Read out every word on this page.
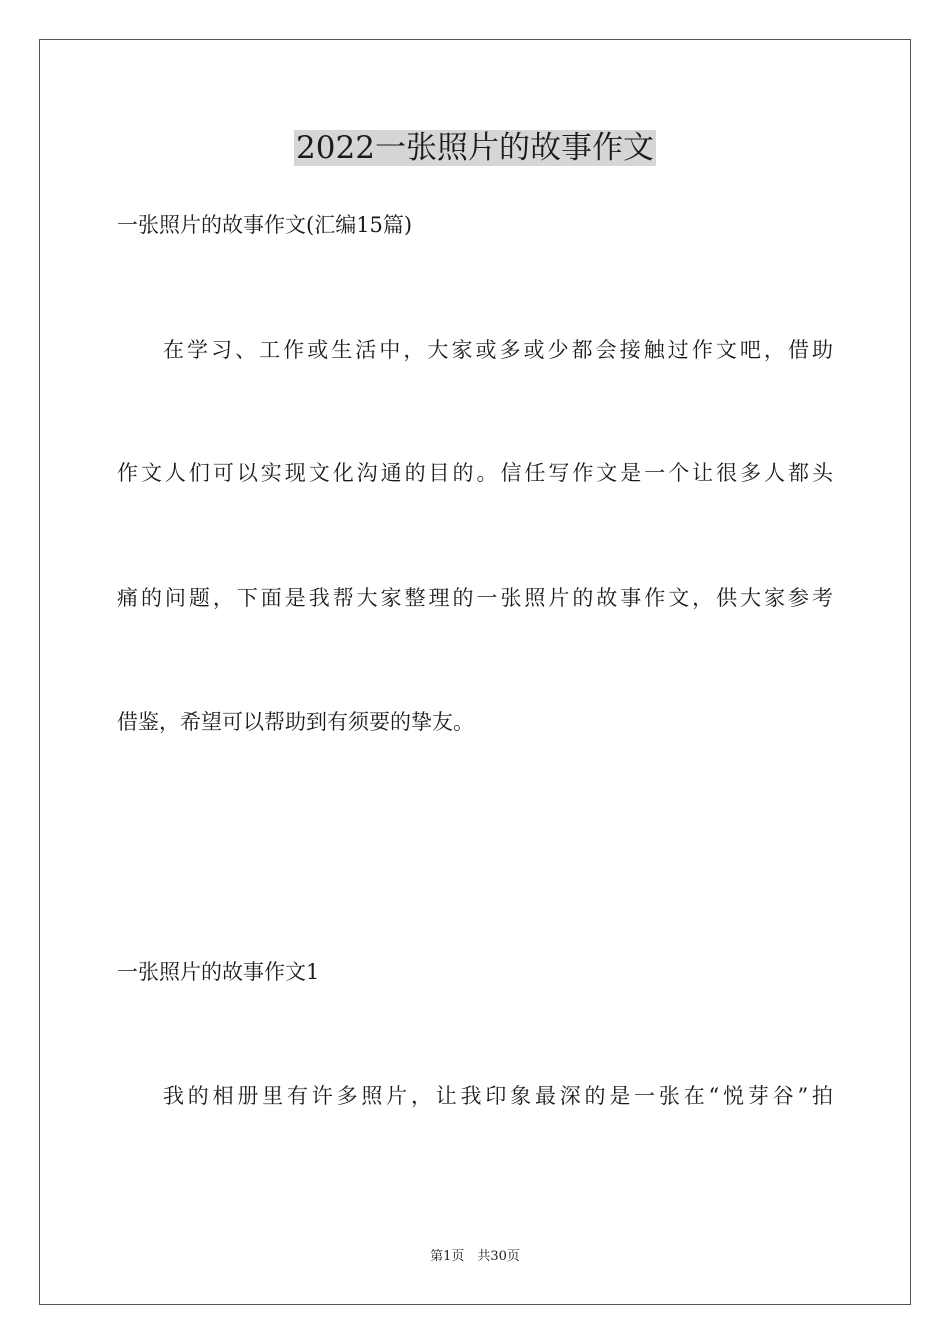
2022一张照片的故事作文
一张照片的故事作文(汇编15篇)
在学习、工作或生活中，大家或多或少都会接触过作文吧，借助
作文人们可以实现文化沟通的目的。信任写作文是一个让很多人都头
痛的问题，下面是我帮大家整理的一张照片的故事作文，供大家参考
借鉴，希望可以帮助到有须要的挚友。
一张照片的故事作文1
我的相册里有许多照片，让我印象最深的是一张在“悦芽谷”拍
第1页　共30页
